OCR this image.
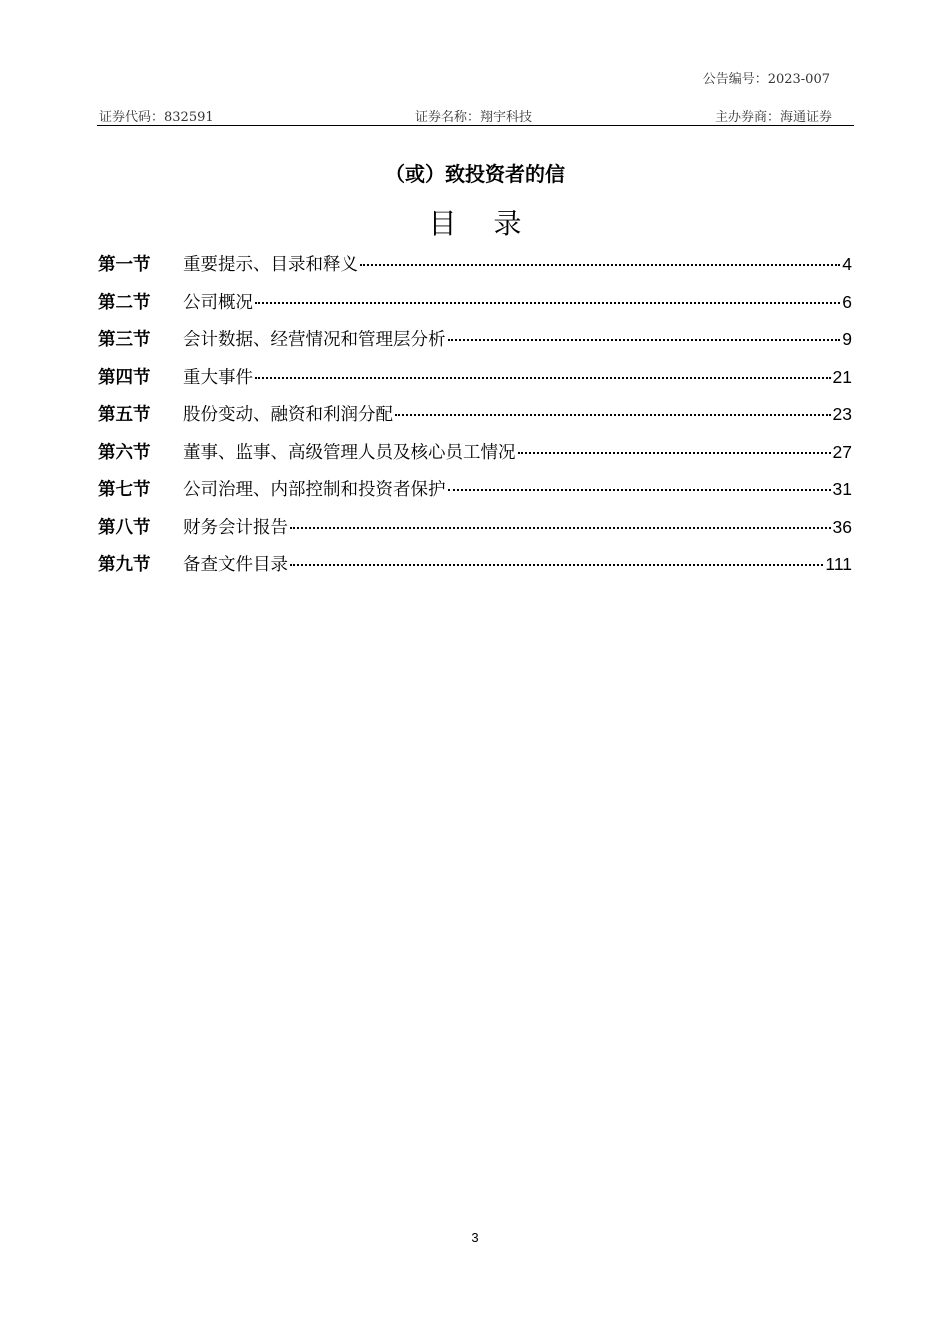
公告编号：2023-007
证券代码：832591	证券名称：翔宇科技	主办券商：海通证券
（或）致投资者的信
目 录
第一节	重要提示、目录和释义	4
第二节	公司概况	6
第三节	会计数据、经营情况和管理层分析	9
第四节	重大事件	21
第五节	股份变动、融资和利润分配	23
第六节	董事、监事、高级管理人员及核心员工情况	27
第七节	公司治理、内部控制和投资者保护	31
第八节	财务会计报告	36
第九节	备查文件目录	111
3
